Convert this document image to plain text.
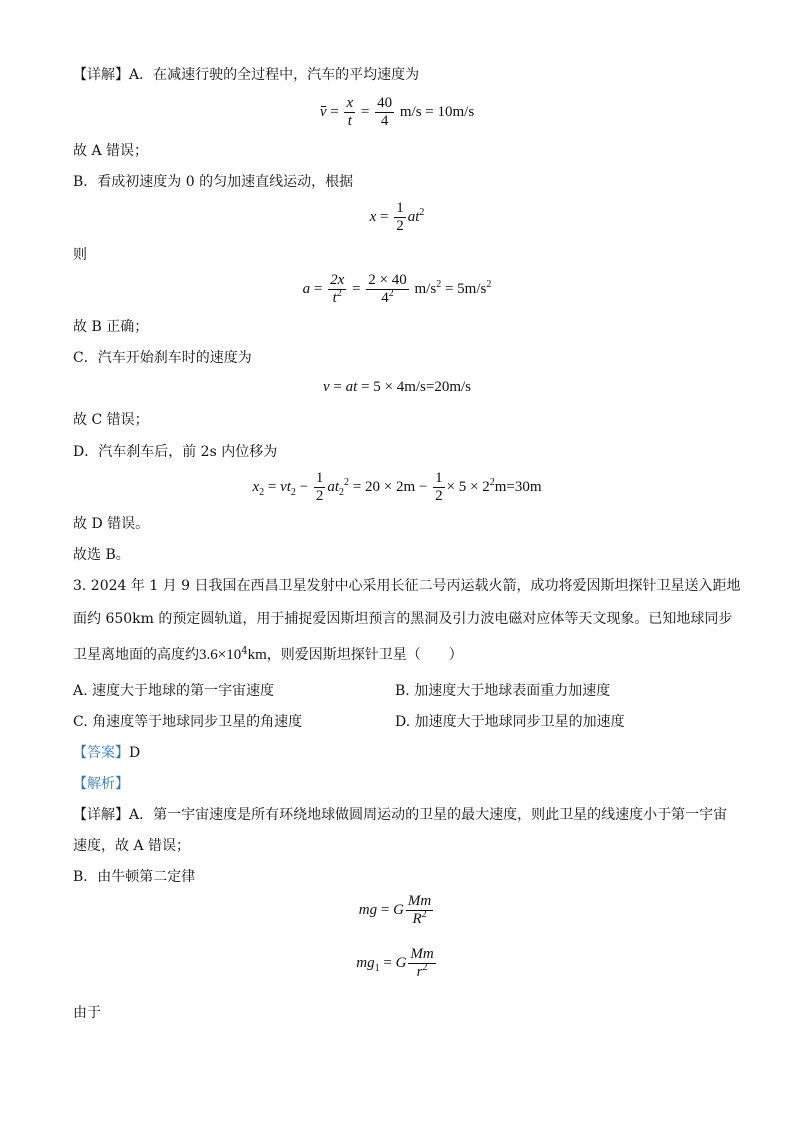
【详解】A．在减速行驶的全过程中，汽车的平均速度为
$v = \frac{x}{t} = \frac{40}{4} m/s = 10m/s$
故 A 错误；
B．看成初速度为 0 的匀加速直线运动，根据
$x = \frac{1}{2} at^2$
则
$a = \frac{2x}{t^2} = \frac{2 \times 40}{4^2} m/s^2 = 5m/s^2$
故 B 正确；
C．汽车开始刹车时的速度为
v = at = 5 × 4m/s=20m/s
故 C 错误；
D．汽车刹车后，前 2s 内位移为
$x_2 = vt_2 - \frac{1}{2} at_2^2 = 20 \times 2m - \frac{1}{2} \times 5 \times 2^2m=30m$
故 D 错误。
故选 B。
3. 2024 年 1 月 9 日我国在西昌卫星发射中心采用长征二号丙运载火箭，成功将爱因斯坦探针卫星送入距地
面约 650km 的预定圆轨道，用于捕捉爱因斯坦预言的黑洞及引力波电磁对应体等天文现象。已知地球同步
卫星离地面的高度约$3.6\times 10^4km$，则爱因斯坦探针卫星（　　）
A. 速度大于地球的第一宇宙速度	B. 加速度大于地球表面重力加速度
C. 角速度等于地球同步卫星的角速度	D. 加速度大于地球同步卫星的加速度
【答案】D
【解析】
【详解】A．第一宇宙速度是所有环绕地球做圆周运动的卫星的最大速度，则此卫星的线速度小于第一宇宙
速度，故 A 错误；
B．由牛顿第二定律
mg = G $\frac{Mm}{R^2}$
$mg_1 = G \frac{Mm}{r^2}$
由于
